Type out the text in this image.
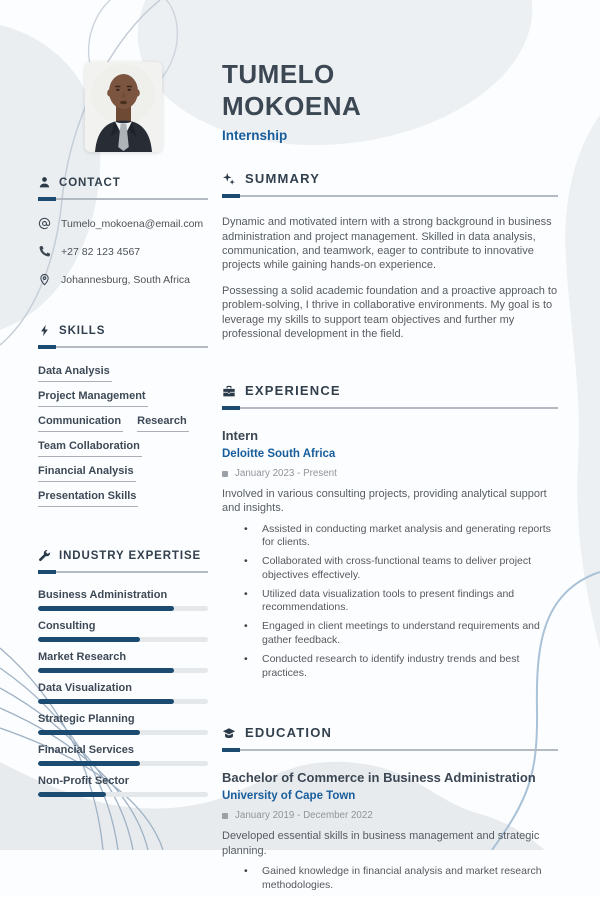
CONTACT
Tumelo_mokoena@email.com
+27 82 123 4567
Johannesburg, South Africa
SKILLS
Data Analysis
Project Management
Communication Research
Team Collaboration
Financial Analysis
Presentation Skills
INDUSTRY EXPERTISE
Business Administration
Consulting
Market Research
Data Visualization
Strategic Planning
Financial Services
Non-Profit Sector
TUMELO
MOKOENA
Internship
SUMMARY

Dynamic and motivated intern with a strong background in business administration and project management. Skilled in data analysis, communication, and teamwork, eager to contribute to innovative projects while gaining hands-on experience.

Possessing a solid academic foundation and a proactive approach to problem-solving, I thrive in collaborative environments. My goal is to leverage my skills to support team objectives and further my professional development in the field.

EXPERIENCE
Intern
Deloitte South Africa
January 2023 - Present
Involved in various consulting projects, providing analytical support and insights.
• Assisted in conducting market analysis and generating reports for clients.
• Collaborated with cross-functional teams to deliver project objectives effectively.
• Utilized data visualization tools to present findings and recommendations.
• Engaged in client meetings to understand requirements and gather feedback.
• Conducted research to identify industry trends and best practices.
EDUCATION
Bachelor of Commerce in Business Administration
University of Cape Town
January 2019 - December 2022
Developed essential skills in business management and strategic planning.
• Gained knowledge in financial analysis and market research methodologies.
